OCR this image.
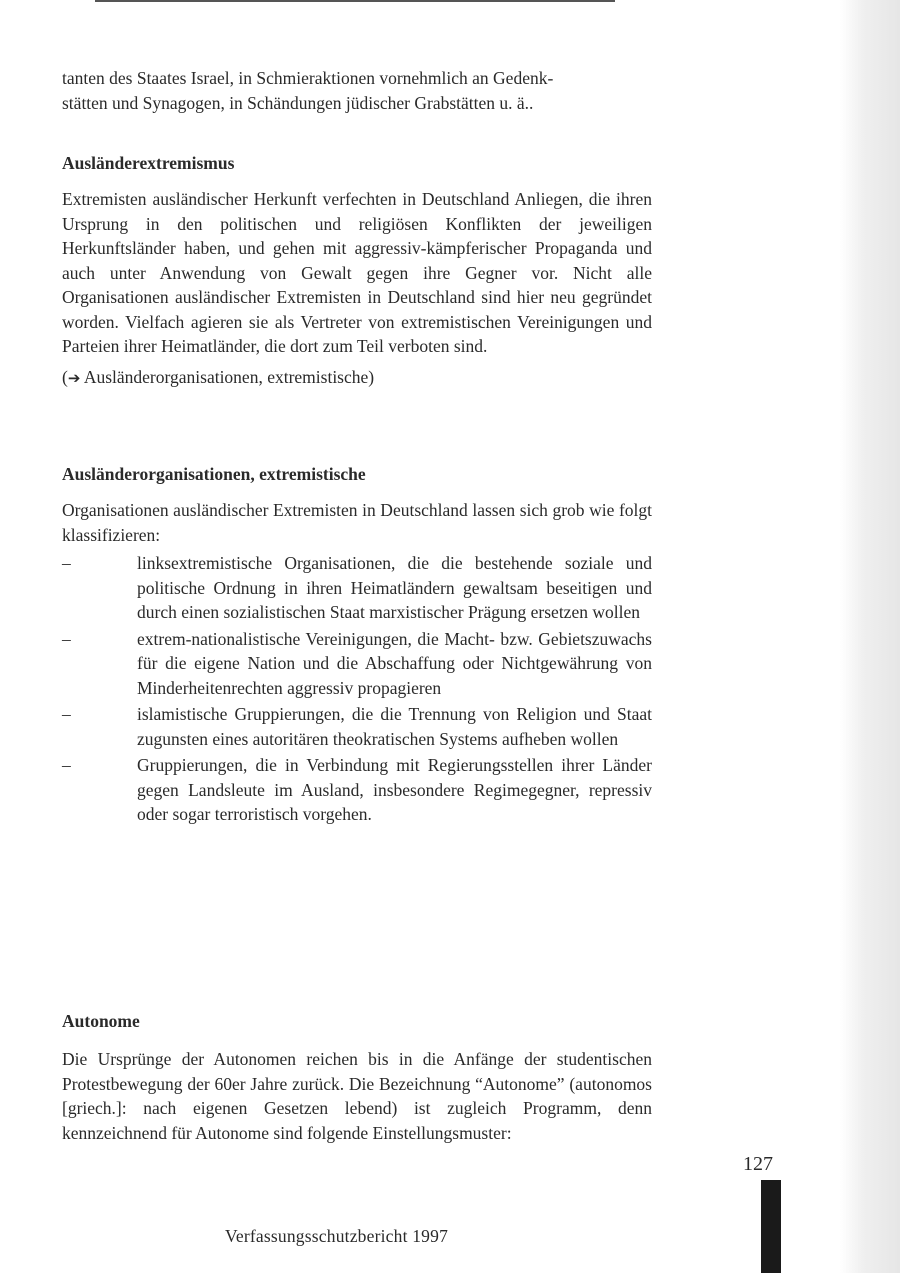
tanten des Staates Israel, in Schmieraktionen vornehmlich an Gedenk-
stätten und Synagogen, in Schändungen jüdischer Grabstätten u. ä..
Ausländerextremismus

Extremisten ausländischer Herkunft verfechten in Deutschland Anliegen, die ihren Ursprung in den politischen und religiösen Konflikten der jeweiligen Herkunftsländer haben, und gehen mit aggressiv-kämpferischer Propaganda und auch unter Anwendung von Gewalt gegen ihre Gegner vor. Nicht alle Organisationen ausländischer Extremisten in Deutschland sind hier neu gegründet worden. Vielfach agieren sie als Vertreter von extremistischen Vereinigungen und Parteien ihrer Heimatländer, die dort zum Teil verboten sind.

(➔ Ausländerorganisationen, extremistische)
Ausländerorganisationen, extremistische

Organisationen ausländischer Extremisten in Deutschland lassen sich grob wie folgt klassifizieren:

–	linksextremistische Organisationen, die die bestehende soziale und politische Ordnung in ihren Heimatländern gewaltsam beseitigen und durch einen sozialistischen Staat marxistischer Prägung ersetzen wollen
–	extrem-nationalistische Vereinigungen, die Macht- bzw. Gebietszuwachs für die eigene Nation und die Abschaffung oder Nichtgewährung von Minderheitenrechten aggressiv propagieren
–	islamistische Gruppierungen, die die Trennung von Religion und Staat zugunsten eines autoritären theokratischen Systems aufheben wollen
–	Gruppierungen, die in Verbindung mit Regierungsstellen ihrer Länder gegen Landsleute im Ausland, insbesondere Regimegegner, repressiv oder sogar terroristisch vorgehen.
Autonome

Die Ursprünge der Autonomen reichen bis in die Anfänge der studentischen Protestbewegung der 60er Jahre zurück. Die Bezeichnung “Autonome” (autonomos [griech.]: nach eigenen Gesetzen lebend) ist zugleich Programm, denn kennzeichnend für Autonome sind folgende Einstellungsmuster:

127
Verfassungsschutzbericht 1997
